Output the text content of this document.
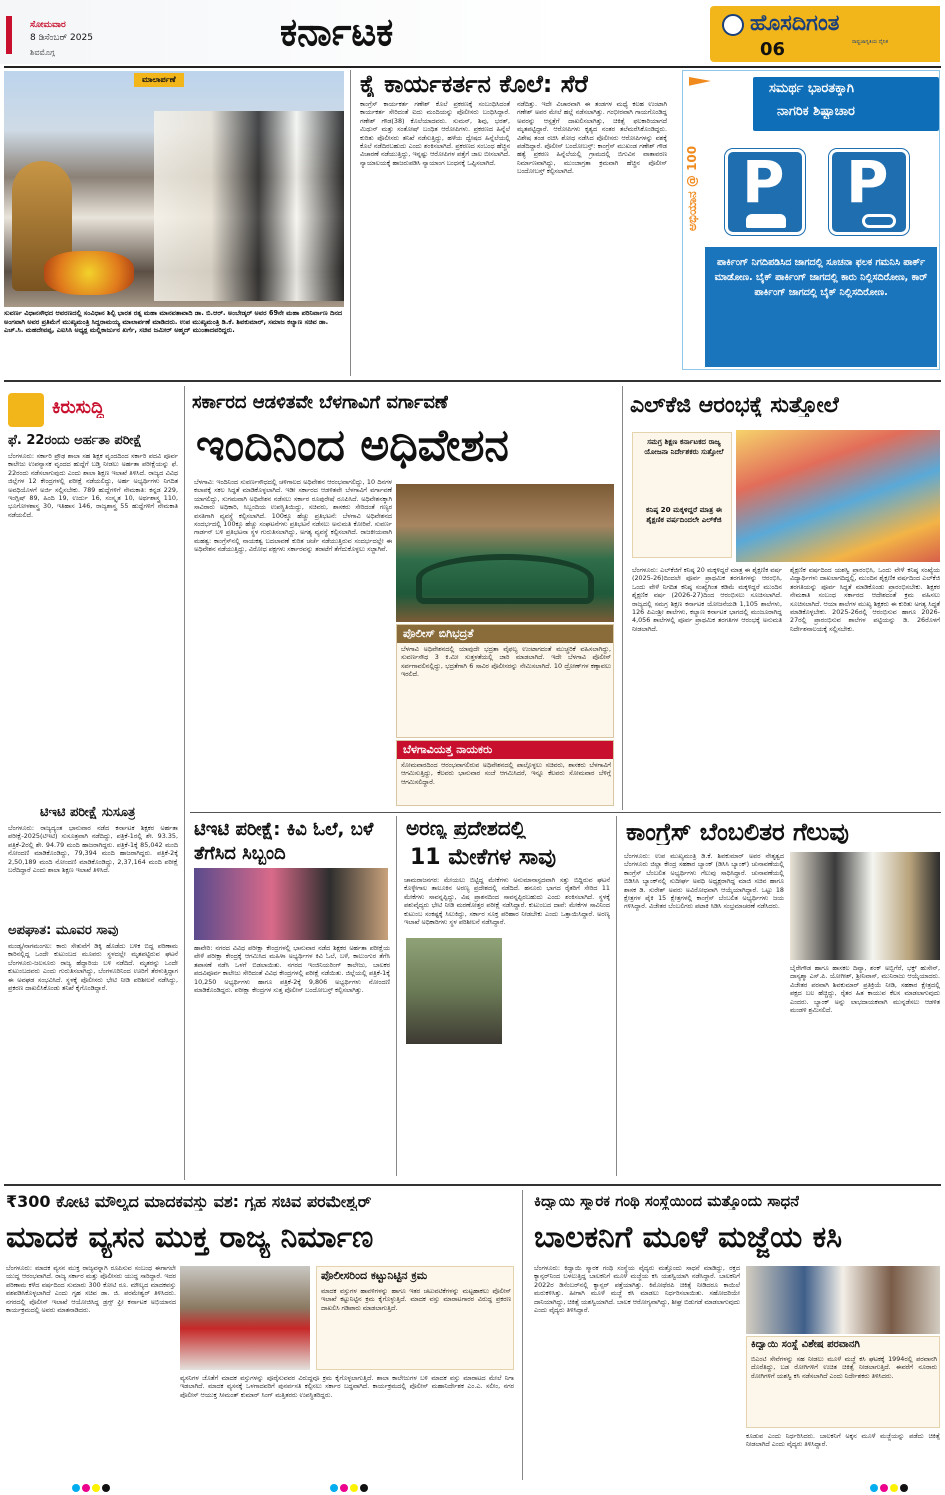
ಸೋಮವಾರ
8 ಡಿಸೆಂಬರ್ 2025
ಶಿವಮೊಗ್ಗ	ಕರ್ನಾಟಕ	ಹೊಸದಿಗಂತ
ರಾಷ್ಟ್ರಜಾಗೃತಿಯ ದೈನಿಕ
06
ಮಾಲಾರ್ಪಣೆ
ಸುವರ್ಣ ವಿಧಾನಸೌಧದ ಆವರಣದಲ್ಲಿ ಸಂವಿಧಾನ ಶಿಲ್ಪಿ ಭಾರತ ರತ್ನ ಮಹಾ ಮಾನವತಾವಾದಿ ಡಾ. ಬಿ.ಆರ್. ಅಂಬೇಡ್ಕರ್ ಅವರ 69ನೇ ಮಹಾ ಪರಿನಿರ್ವಾಣ ದಿನದ ಅಂಗವಾಗಿ ಅವರ ಪ್ರತಿಮೆಗೆ ಮುಖ್ಯಮಂತ್ರಿ ಸಿದ್ದರಾಮಯ್ಯ ಮಾಲಾರ್ಪಣೆ ಮಾಡಿದರು. ಉಪ ಮುಖ್ಯಮಂತ್ರಿ ಡಿ.ಕೆ. ಶಿವಕುಮಾರ್, ಸಮಾಜ ಕಲ್ಯಾಣ ಸಚಿವ ಡಾ. ಎಚ್.ಸಿ. ಮಹದೇವಪ್ಪ, ಎಐಸಿಸಿ ಅಧ್ಯಕ್ಷ ಮಲ್ಲಿಕಾರ್ಜುನ ಖರ್ಗೆ, ಸಚಿವ ಜಮೀರ್ ಅಹ್ಮದ್ ಮುಂತಾದವರಿದ್ದರು.
ಕೈ ಕಾರ್ಯಕರ್ತನ ಕೊಲೆ: ಸೆರೆ
ಕಾಂಗ್ರೆಸ್ ಕಾರ್ಯಕರ್ತ ಗಣೇಶ್ ಕೊಲೆ ಪ್ರಕರಣಕ್ಕೆ ಸಂಬಂಧಿಸಿದಂತೆ ಕಾರ್ಯಕರ್ತ ಸೇರಿದಂತೆ ಐದು ಮಂದಿಯನ್ನು ಪೊಲೀಸರು ಬಂಧಿಸಿದ್ದಾರೆ. ಗಣೇಶ್ ಗೌಡ(38) ಕೊಲೆಯಾದವರು. ಸುಮನ್, ಶಿವು, ಭರತ್, ಮಿಥುನ್ ಮತ್ತು ಸಂತೋಷ್ ಬಂಧಿತ ಆರೋಪಿಗಳು. ಪ್ರಕರಣದ ಹಿನ್ನೆಲೆ ಕುರಿತು ಪೊಲೀಸರು ತನಿಖೆ ನಡೆಸುತ್ತಿದ್ದು, ಹಳೆಯ ದ್ವೇಷದ ಹಿನ್ನೆಲೆಯಲ್ಲಿ ಕೊಲೆ ನಡೆದಿರಬಹುದು ಎಂದು ಶಂಕಿಸಲಾಗಿದೆ. ಪ್ರಕರಣದ ಸಂಬಂಧ ಹೆಚ್ಚಿನ ವಿಚಾರಣೆ ನಡೆಯುತ್ತಿದ್ದು, ಇನ್ನಷ್ಟು ಆರೋಪಿಗಳ ಪತ್ತೆಗೆ ಜಾಲ ಬೀಸಲಾಗಿದೆ. ನ್ಯಾಯಾಲಯಕ್ಕೆ ಹಾಜರುಪಡಿಸಿ ನ್ಯಾಯಾಂಗ ಬಂಧನಕ್ಕೆ ಒಪ್ಪಿಸಲಾಗಿದೆ.
ನಡೆದಿತ್ತು. ಇದೇ ವಿಚಾರವಾಗಿ ಈ ತಂಡಗಳ ಮಧ್ಯೆ ಕಲಹ ಉಂಟಾಗಿ ಗಣೇಶ್ ಅವರ ಮೇಲೆ ಹಲ್ಲೆ ನಡೆಸಲಾಗಿತ್ತು. ಗಂಭೀರವಾಗಿ ಗಾಯಗೊಂಡಿದ್ದ ಅವರನ್ನು ಆಸ್ಪತ್ರೆಗೆ ದಾಖಲಿಸಲಾಗಿತ್ತು, ಚಿಕಿತ್ಸೆ ಫಲಕಾರಿಯಾಗದೆ ಮೃತಪಟ್ಟಿದ್ದಾರೆ. ಆರೋಪಿಗಳು ಕೃತ್ಯದ ನಂತರ ತಲೆಮರೆಸಿಕೊಂಡಿದ್ದರು. ವಿಶೇಷ ತಂಡ ರಚಿಸಿ ಶೋಧ ನಡೆಸಿದ ಪೊಲೀಸರು ಆರೋಪಿಗಳನ್ನು ವಶಕ್ಕೆ ಪಡೆದಿದ್ದಾರೆ. ಪೊಲೀಸ್ ಬಂದೋಬಸ್ತ್: ಕಾಂಗ್ರೆಸ್ ಮುಖಂಡ ಗಣೇಶ್ ಗೌಡ ಹತ್ಯೆ ಪ್ರಕರಣ ಹಿನ್ನೆಲೆಯಲ್ಲಿ ಗ್ರಾಮದಲ್ಲಿ ಬಿಗುವಿನ ವಾತಾವರಣ ನಿರ್ಮಾಣವಾಗಿದ್ದು, ಮುಂಜಾಗ್ರತಾ ಕ್ರಮವಾಗಿ ಹೆಚ್ಚಿನ ಪೊಲೀಸ್ ಬಂದೋಬಸ್ತ್ ಕಲ್ಪಿಸಲಾಗಿದೆ.	ಅಭಿಯಾನ @ 100
ಸಮರ್ಥ ಭಾರತಕ್ಕಾಗಿ
ನಾಗರಿಕ ಶಿಷ್ಟಾಚಾರ
P P
ಪಾರ್ಕಿಂಗ್ ನಿಗದಿಪಡಿಸಿದ ಜಾಗದಲ್ಲಿ ಸೂಚನಾ ಫಲಕ ಗಮನಿಸಿ ಪಾರ್ಕ್ ಮಾಡೋಣ. ಬೈಕ್ ಪಾರ್ಕಿಂಗ್ ಜಾಗದಲ್ಲಿ ಕಾರು ನಿಲ್ಲಿಸದಿರೋಣ, ಕಾರ್ ಪಾರ್ಕಿಂಗ್ ಜಾಗದಲ್ಲಿ ಬೈಕ್ ನಿಲ್ಲಿಸದಿರೋಣ.
ಕಿರುಸುದ್ದಿ
ಫೆ. 22ರಂದು ಅರ್ಹತಾ ಪರೀಕ್ಷೆ
ಬೆಂಗಳೂರು: ಸರ್ಕಾರಿ ಪ್ರೌಢ ಶಾಲಾ ಸಹ ಶಿಕ್ಷಕ ವೃಂದದಿಂದ ಸರ್ಕಾರಿ ಪದವಿ ಪೂರ್ವ ಕಾಲೇಜು ಉಪನ್ಯಾಸಕ ವೃಂದದ ಹುದ್ದೆಗೆ ಬಡ್ತಿ ನೀಡಲು ಅರ್ಹತಾ ಪರೀಕ್ಷೆಯನ್ನು ಫೆ. 22ರಂದು ನಡೆಸಲಾಗುವುದು ಎಂದು ಶಾಲಾ ಶಿಕ್ಷಣ ಇಲಾಖೆ ತಿಳಿಸಿದೆ. ರಾಜ್ಯದ ವಿವಿಧ ಜಿಲ್ಲೆಗಳ 12 ಕೇಂದ್ರಗಳಲ್ಲಿ ಪರೀಕ್ಷೆ ನಡೆಯಲಿದ್ದು, ಅರ್ಹ ಅಭ್ಯರ್ಥಿಗಳು ನಿಗದಿತ ಅವಧಿಯೊಳಗೆ ಅರ್ಜಿ ಸಲ್ಲಿಸಬೇಕು. 789 ಹುದ್ದೆಗಳಿಗೆ ನೇಮಕಾತಿ: ಕನ್ನಡ 229, ಇಂಗ್ಲಿಷ್ 89, ಹಿಂದಿ 19, ಉರ್ದು 16, ಸಂಸ್ಕೃತ 10, ಅರ್ಥಶಾಸ್ತ್ರ 110, ಭೂಗೋಳಶಾಸ್ತ್ರ 30, ಇತಿಹಾಸ 146, ರಾಜ್ಯಶಾಸ್ತ್ರ 55 ಹುದ್ದೆಗಳಿಗೆ ನೇಮಕಾತಿ ನಡೆಯಲಿದೆ.
ಟಿಇಟಿ ಪರೀಕ್ಷೆ ಸುಸೂತ್ರ
ಬೆಂಗಳೂರು: ರಾಜ್ಯದ್ಯಂತ ಭಾನುವಾರ ನಡೆದ ಕರ್ನಾಟಕ ಶಿಕ್ಷಕರ ಅರ್ಹತಾ ಪರೀಕ್ಷೆ-2025(ಟಿಇಟಿ) ಸುಸೂತ್ರವಾಗಿ ನಡೆದಿದ್ದು, ಪತ್ರಿಕೆ-1ರಲ್ಲಿ ಶೇ. 93.35, ಪತ್ರಿಕೆ-2ರಲ್ಲಿ ಶೇ. 94.79 ಮಂದಿ ಹಾಜರಾಗಿದ್ದರು. ಪತ್ರಿಕೆ-1ಕ್ಕೆ 85,042 ಮಂದಿ ನೋಂದಣಿ ಮಾಡಿಕೊಂಡಿದ್ದು, 79,394 ಮಂದಿ ಹಾಜರಾಗಿದ್ದರು. ಪತ್ರಿಕೆ-2ಕ್ಕೆ 2,50,189 ಮಂದಿ ನೋಂದಣಿ ಮಾಡಿಕೊಂಡಿದ್ದು, 2,37,164 ಮಂದಿ ಪರೀಕ್ಷೆ ಬರೆದಿದ್ದಾರೆ ಎಂದು ಶಾಲಾ ಶಿಕ್ಷಣ ಇಲಾಖೆ ತಿಳಿಸಿದೆ.
ಅಪಘಾತ: ಮೂವರ ಸಾವು
ಮಂಡ್ಯ/ನಾಗಮಂಗಲ: ಕಾರು ಸೇತುವೆಗೆ ಡಿಕ್ಕಿ ಹೊಡೆದು ಬಳಿಕ ಬಿದ್ದ ಪರಿಣಾಮ ಕಾರಿನಲ್ಲಿದ್ದ ಒಂದೇ ಕುಟುಂಬದ ಮೂವರು ಸ್ಥಳದಲ್ಲೇ ಮೃತಪಟ್ಟಿರುವ ಘಟನೆ ಬೆಂಗಳೂರು-ಜಲಸೂರು ರಾಜ್ಯ ಹೆದ್ದಾರಿಯ ಬಳಿ ನಡೆದಿದೆ. ಮೃತರನ್ನು ಒಂದೇ ಕುಟುಂಬದವರು ಎಂದು ಗುರುತಿಸಲಾಗಿದ್ದು, ಬೆಂಗಳೂರಿನಿಂದ ಊರಿಗೆ ತೆರಳುತ್ತಿದ್ದಾಗ ಈ ಅವಘಡ ಸಂಭವಿಸಿದೆ. ಸ್ಥಳಕ್ಕೆ ಪೊಲೀಸರು ಭೇಟಿ ನೀಡಿ ಪರಿಶೀಲನೆ ನಡೆಸಿದ್ದು, ಪ್ರಕರಣ ದಾಖಲಿಸಿಕೊಂಡು ತನಿಖೆ ಕೈಗೊಂಡಿದ್ದಾರೆ.
ಸರ್ಕಾರದ ಆಡಳಿತವೇ ಬೆಳಗಾವಿಗೆ ವರ್ಗಾವಣೆ
ಇಂದಿನಿಂದ ಅಧಿವೇಶನ
ಬೆಳಗಾವಿ: ಇಂದಿನಿಂದ ಸುವರ್ಣಸೌಧದಲ್ಲಿ ಚಳಿಗಾಲದ ಅಧಿವೇಶನ ಆರಂಭವಾಗಲಿದ್ದು, 10 ದಿನಗಳ ಕಲಾಪಕ್ಕೆ ಸಕಲ ಸಿದ್ಧತೆ ಮಾಡಿಕೊಳ್ಳಲಾಗಿದೆ. ಇಡೀ ಸರ್ಕಾರದ ಆಡಳಿತವೇ ಬೆಳಗಾವಿಗೆ ವರ್ಗಾವಣೆ ಯಾಗಲಿದ್ದು, ಸುಗಮವಾಗಿ ಅಧಿವೇಶನ ನಡೆಸಲು ಸರ್ಕಾರ ರೂಪುರೇಷೆ ರೂಪಿಸಿದೆ. ಅಧಿವೇಶನಕ್ಕಾಗಿ ಸಾವಿರಾರು ಅಧಿಕಾರಿ, ಸಿಬ್ಬಂದಿಯ ಉಪಸ್ಥಿತಿಯಿದ್ದು, ಸಚಿವರು, ಶಾಸಕರು ಸೇರಿದಂತೆ ಗಣ್ಯರ ವಸತಿಗಾಗಿ ವ್ಯವಸ್ಥೆ ಕಲ್ಪಿಸಲಾಗಿದೆ. 100ಕ್ಕೂ ಹೆಚ್ಚು ಪ್ರತಿಭಟನೆ: ಬೆಳಗಾವಿ ಅಧಿವೇಶನದ ಸಂದರ್ಭದಲ್ಲಿ 100ಕ್ಕೂ ಹೆಚ್ಚು ಸಂಘಟನೆಗಳು ಪ್ರತಿಭಟನೆ ನಡೆಸಲು ಅನುಮತಿ ಕೋರಿವೆ. ಸುವರ್ಣ ಗಾರ್ಡನ್ ಬಳಿ ಪ್ರತಿಭಟನಾ ಸ್ಥಳ ಗುರುತಿಸಲಾಗಿದ್ದು, ಅಗತ್ಯ ವ್ಯವಸ್ಥೆ ಕಲ್ಪಿಸಲಾಗಿದೆ. ರಾಜಕೀಯವಾಗಿ ಮಹತ್ವ: ಕಾಂಗ್ರೆಸ್‌ನಲ್ಲಿ ನಾಯಕತ್ವ ಬದಲಾವಣೆ ಕುರಿತ ಚರ್ಚೆ ನಡೆಯುತ್ತಿರುವ ಸಂದರ್ಭದಲ್ಲೇ ಈ ಅಧಿವೇಶನ ನಡೆಯುತ್ತಿದ್ದು, ವಿರೋಧ ಪಕ್ಷಗಳು ಸರ್ಕಾರವನ್ನು ತರಾಟೆಗೆ ತೆಗೆದುಕೊಳ್ಳಲು ಸಜ್ಜಾಗಿವೆ.
ಪೊಲೀಸ್ ಬಿಗಿಭದ್ರತೆ
ಬೆಳಗಾವಿ ಅಧಿವೇಶನದಲ್ಲಿ ಯಾವುದೇ ಭದ್ರತಾ ವೈಫಲ್ಯ ಉಂಟಾಗದಂತೆ ಮುಚ್ಚರಿಕೆ ವಹಿಸಲಾಗಿದ್ದು, ಸುವರ್ಣಸೌಧ 3 ಕಿ.ಮೀ ಸುತ್ತಳತೆಯಲ್ಲಿ ಜಾರಿ ಮಾಡಲಾಗಿದೆ. ಇದೇ ಬೆಳಗಾವಿ ಪೊಲೀಸ್ ಸರ್ಪಗಾವಲಿನಲ್ಲಿದ್ದು, ಭದ್ರತೆಗಾಗಿ 6 ಸಾವಿರ ಪೊಲೀಸರನ್ನು ನೇಮಿಸಲಾಗಿದೆ. 10 ದ್ರೋಣ್‌ಗಳ ಕಣ್ಗಾವಲು ಇರಲಿದೆ.
ಬೆಳಗಾವಿಯತ್ತ ನಾಯಕರು
ಸೋಮವಾರದಿಂದ ಆರಂಭವಾಗಲಿರುವ ಅಧಿವೇಶನದಲ್ಲಿ ಪಾಲ್ಗೊಳ್ಳಲು ಸಚಿವರು, ಶಾಸಕರು ಬೆಳಗಾವಿಗೆ ಆಗಮಿಸುತ್ತಿದ್ದು, ಕೆಲವರು ಭಾನುವಾರ ಸಂಜೆ ಆಗಮಿಸಿದರೆ, ಇನ್ನೂ ಕೆಲವರು ಸೋಮವಾರ ಬೆಳಿಗ್ಗೆ ಆಗಮಿಸಲಿದ್ದಾರೆ.
ಎಲ್‌ಕೆಜಿ ಆರಂಭಕ್ಕೆ ಸುತ್ತೋಲೆ
ಸಮಗ್ರ ಶಿಕ್ಷಣ ಕರ್ನಾಟಕದ ರಾಜ್ಯ ಯೋಜನಾ ನಿರ್ದೇಶಕರು ಸುತ್ತೋಲೆ
ಕನಿಷ್ಠ 20 ಮಕ್ಕಳಿದ್ದರೆ ಮಾತ್ರ ಈ ಶೈಕ್ಷಣಿಕ ವರ್ಷದಿಂದಲೇ ಎಲ್‌ಕೆಜಿ
ಬೆಂಗಳೂರು: ಎಲ್‌ಕೆಜಿಗೆ ಕನಿಷ್ಠ 20 ಮಕ್ಕಳಿದ್ದರೆ ಮಾತ್ರ ಈ ಶೈಕ್ಷಣಿಕ ವರ್ಷ (2025-26)ದಿಂದಲೇ ಪೂರ್ವ ಪ್ರಾಥಮಿಕ ತರಗತಿಗಳನ್ನು ಆರಂಭಿಸಿ, ಒಂದು ವೇಳೆ ನಿಗದಿತ ಕನಿಷ್ಠ ಸಂಖ್ಯೆಗಿಂತ ಕಡಿಮೆ ಮಕ್ಕಳಿದ್ದರೆ ಮುಂದಿನ ಶೈಕ್ಷಣಿಕ ವರ್ಷ (2026-27)ದಿಂದ ಆರಂಭಿಸಲು ಸೂಚಿಸಲಾಗಿದೆ. ರಾಜ್ಯದಲ್ಲಿ ಸಮಗ್ರ ಶಿಕ್ಷಣ ಕರ್ನಾಟಕ ಯೋಜನೆಯಡಿ 1,105 ಶಾಲೆಗಳು, 126 ಪಿಎಂಶ್ರೀ ಶಾಲೆಗಳು, ಕಲ್ಯಾಣ ಕರ್ನಾಟಕ ಭಾಗದಲ್ಲಿ ಮಂಜೂರಾಗಿದ್ದ 4,056 ಶಾಲೆಗಳಲ್ಲಿ ಪೂರ್ವ ಪ್ರಾಥಮಿಕ ತರಗತಿಗಳ ಆರಂಭಕ್ಕೆ ಅನುಮತಿ ನೀಡಲಾಗಿದೆ.
ಶೈಕ್ಷಣಿಕ ವರ್ಷದಿಂದ ಯಶಸ್ವಿ ಪ್ರಾರಂಭಿಸಿ, ಒಂದು ವೇಳೆ ಕನಿಷ್ಠ ಸಂಖ್ಯೆಯ ವಿದ್ಯಾರ್ಥಿಗಳು ದಾಖಲಾಗದಿದ್ದಲ್ಲಿ, ಮುಂದಿನ ಶೈಕ್ಷಣಿಕ ವರ್ಷದಿಂದ ಎಲ್‌ಕೆಜಿ ತರಗತಿಯನ್ನು ಪೂರ್ವ ಸಿದ್ಧತೆ ಮಾಡಿಕೊಂಡು ಪ್ರಾರಂಭಿಸಬೇಕು. ಶಿಕ್ಷಕರ ನೇಮಕಾತಿ ಸಂಬಂಧ ಸರ್ಕಾರದ ಆದೇಶದಂತೆ ಕ್ರಮ ವಹಿಸಲು ಸೂಚಿಸಲಾಗಿದೆ. ಆಯಾ ಶಾಲೆಗಳ ಮುಖ್ಯ ಶಿಕ್ಷಕರು ಈ ಕುರಿತು ಅಗತ್ಯ ಸಿದ್ಧತೆ ಮಾಡಿಕೊಳ್ಳಬೇಕು. 2025-26ರಲ್ಲಿ ಆರಂಭಿಸುವ ಹಾಗೂ 2026-27ರಲ್ಲಿ ಪ್ರಾರಂಭಿಸುವ ಶಾಲೆಗಳ ಪಟ್ಟಿಯನ್ನು ಡಿ. 26ರೊಳಗೆ ನಿರ್ದೇಶನಾಲಯಕ್ಕೆ ಸಲ್ಲಿಸಬೇಕು.
ಟಿಇಟಿ ಪರೀಕ್ಷೆ: ಕಿವಿ ಓಲೆ, ಬಳೆ ತೆಗೆಸಿದ ಸಿಬ್ಬಂದಿ
ಹಾವೇರಿ: ನಗರದ ವಿವಿಧ ಪರೀಕ್ಷಾ ಕೇಂದ್ರಗಳಲ್ಲಿ ಭಾನುವಾರ ನಡೆದ ಶಿಕ್ಷಕರ ಅರ್ಹತಾ ಪರೀಕ್ಷೆಯ ವೇಳೆ ಪರೀಕ್ಷಾ ಕೇಂದ್ರಕ್ಕೆ ಆಗಮಿಸಿದ ಮಹಿಳಾ ಅಭ್ಯರ್ಥಿಗಳ ಕಿವಿ ಓಲೆ, ಬಳೆ, ಕಾಲುಂಗುರ ತೆಗೆಸಿ ತಪಾಸಣೆ ನಡೆಸಿ ಒಳಗೆ ಬಿಡಲಾಯಿತು. ನಗರದ ಇಂಜಿನಿಯರಿಂಗ್ ಕಾಲೇಜು, ಬಾಲಕರ ಪದವಿಪೂರ್ವ ಕಾಲೇಜು ಸೇರಿದಂತೆ ವಿವಿಧ ಕೇಂದ್ರಗಳಲ್ಲಿ ಪರೀಕ್ಷೆ ನಡೆಯಿತು. ಜಿಲ್ಲೆಯಲ್ಲಿ ಪತ್ರಿಕೆ-1ಕ್ಕೆ 10,250 ಅಭ್ಯರ್ಥಿಗಳು ಹಾಗೂ ಪತ್ರಿಕೆ-2ಕ್ಕೆ 9,806 ಅಭ್ಯರ್ಥಿಗಳು ನೋಂದಣಿ ಮಾಡಿಕೊಂಡಿದ್ದರು. ಪರೀಕ್ಷಾ ಕೇಂದ್ರಗಳ ಸುತ್ತ ಪೊಲೀಸ್ ಬಂದೋಬಸ್ತ್ ಕಲ್ಪಿಸಲಾಗಿತ್ತು.
ಅರಣ್ಯ ಪ್ರದೇಶದಲ್ಲಿ
11 ಮೇಕೆಗಳ ಸಾವು
ಚಾಮರಾಜನಗರ: ಮೇಯಲು ಬಿಟ್ಟಿದ್ದ ಮೇಕೆಗಳು ಅನುಮಾನಾಸ್ಪದವಾಗಿ ಸತ್ತು ಬಿದ್ದಿರುವ ಘಟನೆ ಕೊಳ್ಳೇಗಾಲ ತಾಲೂಕಿನ ಅರಣ್ಯ ಪ್ರದೇಶದಲ್ಲಿ ನಡೆದಿದೆ. ಹನೂರು ಭಾಗದ ರೈತರಿಗೆ ಸೇರಿದ 11 ಮೇಕೆಗಳು ಸಾವನ್ನಪ್ಪಿದ್ದು, ವಿಷ ಪ್ರಾಶನದಿಂದ ಸಾವನ್ನಪ್ಪಿರಬಹುದು ಎಂದು ಶಂಕಿಸಲಾಗಿದೆ. ಸ್ಥಳಕ್ಕೆ ಪಶುವೈದ್ಯರು ಭೇಟಿ ನೀಡಿ ಮರಣೋತ್ತರ ಪರೀಕ್ಷೆ ನಡೆಸಿದ್ದಾರೆ. ಕುಟುಂಬದ ದಾವೆ: ಮೇಕೆಗಳ ಸಾವಿನಿಂದ ಕುಟುಂಬ ಸಂಕಷ್ಟಕ್ಕೆ ಸಿಲುಕಿದ್ದು, ಸರ್ಕಾರ ಸೂಕ್ತ ಪರಿಹಾರ ನೀಡಬೇಕು ಎಂದು ಒತ್ತಾಯಿಸಿದ್ದಾರೆ. ಅರಣ್ಯ ಇಲಾಖೆ ಅಧಿಕಾರಿಗಳು ಸ್ಥಳ ಪರಿಶೀಲನೆ ನಡೆಸಿದ್ದಾರೆ.
ಕಾಂಗ್ರೆಸ್ ಬೆಂಬಲಿತರ ಗೆಲುವು
ಬೆಂಗಳೂರು: ಉಪ ಮುಖ್ಯಮಂತ್ರಿ ಡಿ.ಕೆ. ಶಿವಕುಮಾರ್ ಅವರ ನೇತೃತ್ವದ ಬೆಂಗಳೂರು ಜಿಲ್ಲಾ ಕೇಂದ್ರ ಸಹಕಾರ ಬ್ಯಾಂಕ್ (ಡಿಸಿಸಿ ಬ್ಯಾಂಕ್) ಚುನಾವಣೆಯಲ್ಲಿ ಕಾಂಗ್ರೆಸ್ ಬೆಂಬಲಿತ ಅಭ್ಯರ್ಥಿಗಳು ಗೆಲುವು ಸಾಧಿಸಿದ್ದಾರೆ. ಚುನಾವಣೆಯಲ್ಲಿ ಬಿಡಿಸಿಸಿ ಬ್ಯಾಂಕ್‌ನಲ್ಲಿ ಸುದೀರ್ಘ ಅವಧಿ ಅಧ್ಯಕ್ಷರಾಗಿದ್ದ ಮಾಜಿ ಸಚಿವ ಹಾಗೂ ಶಾಸಕ ಡಿ. ಸುರೇಶ್ ಅವರು ಅವಿರೋಧವಾಗಿ ಆಯ್ಕೆಯಾಗಿದ್ದಾರೆ. ಒಟ್ಟು 18 ಕ್ಷೇತ್ರಗಳ ಪೈಕಿ 15 ಕ್ಷೇತ್ರಗಳಲ್ಲಿ ಕಾಂಗ್ರೆಸ್ ಬೆಂಬಲಿತ ಅಭ್ಯರ್ಥಿಗಳು ಜಯ ಗಳಿಸಿದ್ದಾರೆ. ವಿಜೇತರ ಬೆಂಬಲಿಗರು ಪಟಾಕಿ ಸಿಡಿಸಿ ಸಂಭ್ರಮಾಚರಣೆ ನಡೆಸಿದರು.
ಬೈರೇಗೌಡ ಹಾಗೂ ಹಾಸಕಲ ದಿವ್ಯಾ, ಶಂಕ್ ಅಬ್ಬಿಗೆರೆ, ಭಕ್ತ್ ಹುಸೇನ್, ದಾಸ್ಯಶ್ಮಾ ಎಸ್.ಪಿ. ಯೋಗೀಶ್, ಶ್ರೀನಿವಾಸ್, ಮುನಿರಾಜು ಆಯ್ಕೆಯಾದರು. ವಿಜೇತರ ಪರವಾಗಿ ಶಿವಕುಮಾರ್ ಪ್ರತಿಕ್ರಿಯೆ ನೀಡಿ, ಸಹಕಾರ ಕ್ಷೇತ್ರದಲ್ಲಿ ಪಕ್ಷದ ಬಲ ಹೆಚ್ಚಿದ್ದು, ರೈತರ ಹಿತ ಕಾಯುವ ಕೆಲಸ ಮಾಡಲಾಗುವುದು ಎಂದರು. ಬ್ಯಾಂಕ್ ಅನ್ನು ಲಾಭದಾಯಕವಾಗಿ ಮುನ್ನಡೆಸಲು ಆಡಳಿತ ಮಂಡಳಿ ಶ್ರಮಿಸಲಿದೆ.
₹300 ಕೋಟಿ ಮೌಲ್ಯದ ಮಾದಕವಸ್ತು ವಶ: ಗೃಹ ಸಚಿವ ಪರಮೇಶ್ವರ್
ಮಾದಕ ವ್ಯಸನ ಮುಕ್ತ ರಾಜ್ಯ ನಿರ್ಮಾಣ
ಬೆಂಗಳೂರು: ಮಾದಕ ವ್ಯಸನ ಮುಕ್ತ ರಾಜ್ಯವನ್ನಾಗಿ ರೂಪಿಸುವ ಸಂಬಂಧ ಈಗಾಗಲೇ ಯುದ್ಧ ಆರಂಭವಾಗಿದೆ. ರಾಜ್ಯ ಸರ್ಕಾರ ಮತ್ತು ಪೊಲೀಸರು ಯುದ್ಧ ಸಾರಿದ್ದಾರೆ. ಇದರ ಪರಿಣಾಮ ಕಳೆದ ವರ್ಷದಿಂದ ಸುಮಾರು 300 ಕೋಟಿ ರೂ. ಮೌಲ್ಯದ ಮಾದಕವಸ್ತು ವಶಪಡಿಸಿಕೊಳ್ಳಲಾಗಿದೆ ಎಂದು ಗೃಹ ಸಚಿವ ಡಾ. ಜಿ. ಪರಮೇಶ್ವರ್ ತಿಳಿಸಿದರು. ನಗರದಲ್ಲಿ ಪೊಲೀಸ್ ಇಲಾಖೆ ಆಯೋಜಿಸಿದ್ದ ಡ್ರಗ್ಸ್ ಫ್ರೀ ಕರ್ನಾಟಕ ಅಭಿಯಾನದ ಕಾರ್ಯಕ್ರಮದಲ್ಲಿ ಅವರು ಮಾತನಾಡಿದರು.
ಪೊಲೀಸರಿಂದ ಕಟ್ಟುನಿಟ್ಟಿನ ಕ್ರಮ
ಮಾದಕ ವಸ್ತುಗಳ ಹಾವಳಿಗಳನ್ನು ಹಾಗೂ ಇತರ ಚಟುವಟಿಕೆಗಳನ್ನು ಮಟ್ಟಹಾಕಲು ಪೊಲೀಸ್ ಇಲಾಖೆ ಕಟ್ಟುನಿಟ್ಟಿನ ಕ್ರಮ ಕೈಗೊಳ್ಳುತ್ತಿದೆ. ಮಾದಕ ವಸ್ತು ಮಾರಾಟಗಾರರ ವಿರುದ್ಧ ಪ್ರಕರಣ ದಾಖಲಿಸಿ ಗಡಿಪಾರು ಮಾಡಲಾಗುತ್ತಿದೆ.
ವ್ಯಸನಿಗಳ ಜೊತೆಗೆ ಮಾದಕ ವಸ್ತುಗಳನ್ನು ಪೂರೈಸುವವರ ವಿರುದ್ಧವೂ ಕ್ರಮ ಕೈಗೊಳ್ಳಲಾಗುತ್ತಿದೆ. ಶಾಲಾ ಕಾಲೇಜುಗಳ ಬಳಿ ಮಾದಕ ವಸ್ತು ಮಾರಾಟದ ಮೇಲೆ ನಿಗಾ ಇಡಲಾಗಿದೆ. ಮಾದಕ ವ್ಯಸನಕ್ಕೆ ಒಳಗಾದವರಿಗೆ ಪುನರ್ವಸತಿ ಕಲ್ಪಿಸಲು ಸರ್ಕಾರ ಬದ್ಧವಾಗಿದೆ. ಕಾರ್ಯಕ್ರಮದಲ್ಲಿ ಪೊಲೀಸ್ ಮಹಾನಿರ್ದೇಶಕ ಎಂ.ಎ. ಸಲೀಂ, ನಗರ ಪೊಲೀಸ್ ಆಯುಕ್ತ ಸೀಮಂತ್ ಕುಮಾರ್ ಸಿಂಗ್ ಮತ್ತಿತರರು ಉಪಸ್ಥಿತರಿದ್ದರು.
ಕಿದ್ವಾಯಿ ಸ್ಮಾರಕ ಗಂಥಿ ಸಂಸ್ಥೆಯಿಂದ ಮತ್ತೊಂದು ಸಾಧನೆ
ಬಾಲಕನಿಗೆ ಮೂಳೆ ಮಜ್ಜೆಯ ಕಸಿ
ಬೆಂಗಳೂರು: ಕಿದ್ವಾಯಿ ಸ್ಮಾರಕ ಗಂಥಿ ಸಂಸ್ಥೆಯ ವೈದ್ಯರು ಮತ್ತೊಂದು ಸಾಧನೆ ಮಾಡಿದ್ದು, ರಕ್ತದ ಕ್ಯಾನ್ಸರ್‌ನಿಂದ ಬಳಲುತ್ತಿದ್ದ ಬಾಲಕನಿಗೆ ಮೂಳೆ ಮಜ್ಜೆಯ ಕಸಿ ಯಶಸ್ವಿಯಾಗಿ ನಡೆಸಿದ್ದಾರೆ. ಬಾಲಕನಿಗೆ 2022ರ ಡಿಸೆಂಬರ್‌ನಲ್ಲಿ ಕ್ಯಾನ್ಸರ್ ಪತ್ತೆಯಾಗಿತ್ತು. ಕಿಮೋಥೆರಪಿ ಚಿಕಿತ್ಸೆ ನೀಡಿದರೂ ಕಾಯಿಲೆ ಮರುಕಳಿಸಿತ್ತು. ಹೀಗಾಗಿ ಮೂಳೆ ಮಜ್ಜೆ ಕಸಿ ಮಾಡಲು ನಿರ್ಧರಿಸಲಾಯಿತು. ಸಹೋದರಿಯೇ ದಾನಿಯಾಗಿದ್ದು, ಚಿಕಿತ್ಸೆ ಯಶಸ್ವಿಯಾಗಿದೆ. ಬಾಲಕ ಆರೋಗ್ಯವಾಗಿದ್ದು, ಶೀಘ್ರ ಬಿಡುಗಡೆ ಮಾಡಲಾಗುವುದು ಎಂದು ವೈದ್ಯರು ತಿಳಿಸಿದ್ದಾರೆ.
ಕಿದ್ವಾಯಿ ಸಂಸ್ಥೆ ವಿಶೇಷ ಪರವಾನಗಿ
ಬಿಎಂಟಿ ಸೇವೆಗಳನ್ನು ಸಹ ನೀಡಲು ಮೂಳೆ ಮಜ್ಜೆ ಕಸಿ ಘಟಕಕ್ಕೆ 1994ರಲ್ಲಿ ಪರವಾನಗಿ ದೊರೆತಿದ್ದು, ಬಡ ರೋಗಿಗಳಿಗೆ ಉಚಿತ ಚಿಕಿತ್ಸೆ ನೀಡಲಾಗುತ್ತಿದೆ. ಈವರೆಗೆ ನೂರಾರು ರೋಗಿಗಳಿಗೆ ಯಶಸ್ವಿ ಕಸಿ ನಡೆಸಲಾಗಿದೆ ಎಂದು ನಿರ್ದೇಶಕರು ತಿಳಿಸಿದರು.
ಕೂಡುವ ಎಂದು ನಿರ್ಧರಿಸಿದರು. ಬಾಲಕನಿಗೆ ಅಕ್ಕನ ಮೂಳೆ ಮಜ್ಜೆಯನ್ನು ಪಡೆದು ಚಿಕಿತ್ಸೆ ನೀಡಲಾಗಿದೆ ಎಂದು ವೈದ್ಯರು ತಿಳಿಸಿದ್ದಾರೆ.
